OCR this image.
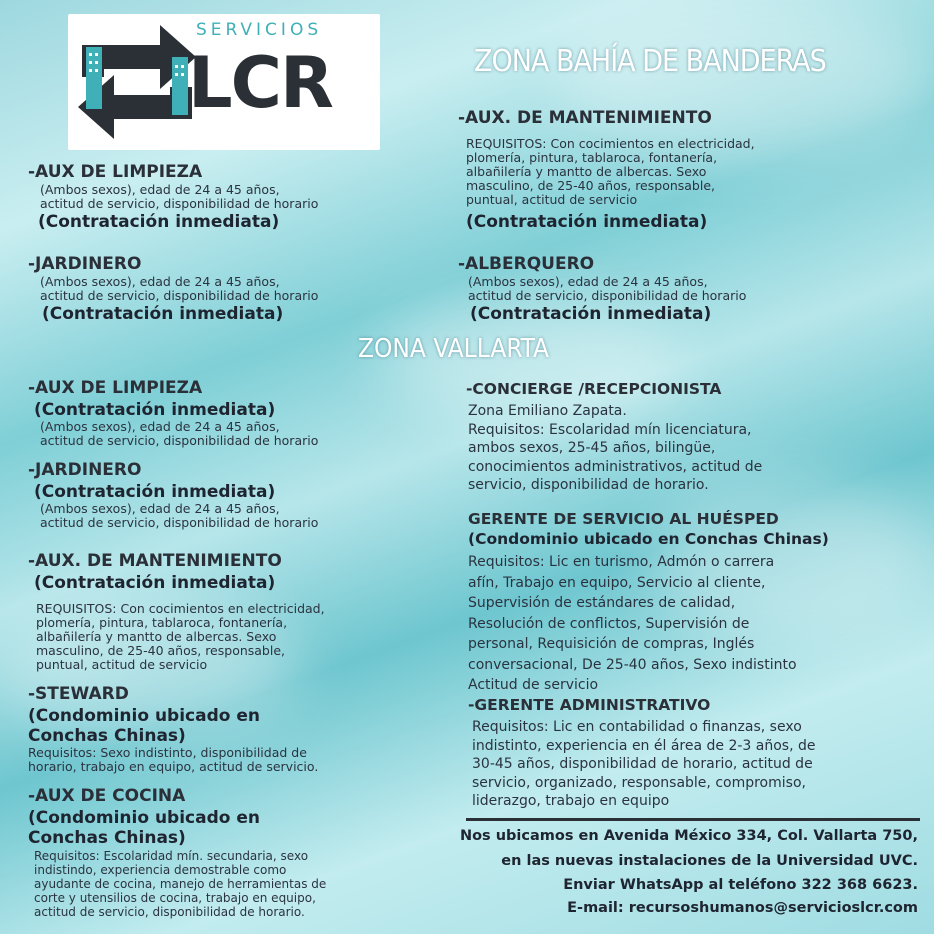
SERVICIOS
LCR	ZONA BAHÍA DE BANDERAS
-AUX DE LIMPIEZA
(Ambos sexos), edad de 24 a 45 años,
actitud de servicio, disponibilidad de horario
(Contratación inmediata)
-JARDINERO
(Ambos sexos), edad de 24 a 45 años,
actitud de servicio, disponibilidad de horario
(Contratación inmediata)
-AUX. DE MANTENIMIENTO
REQUISITOS: Con cocimientos en electricidad,
plomería, pintura, tablaroca, fontanería,
albañilería y mantto de albercas. Sexo
masculino, de 25-40 años, responsable,
puntual, actitud de servicio
(Contratación inmediata)
-ALBERQUERO
(Ambos sexos), edad de 24 a 45 años,
actitud de servicio, disponibilidad de horario
(Contratación inmediata)
ZONA VALLARTA
-AUX DE LIMPIEZA
(Contratación inmediata)
(Ambos sexos), edad de 24 a 45 años,
actitud de servicio, disponibilidad de horario
-JARDINERO
(Contratación inmediata)
(Ambos sexos), edad de 24 a 45 años,
actitud de servicio, disponibilidad de horario
-AUX. DE MANTENIMIENTO
(Contratación inmediata)
REQUISITOS: Con cocimientos en electricidad,
plomería, pintura, tablaroca, fontanería,
albañilería y mantto de albercas. Sexo
masculino, de 25-40 años, responsable,
puntual, actitud de servicio
-STEWARD
(Condominio ubicado en
Conchas Chinas)
Requisitos: Sexo indistinto, disponibilidad de
horario, trabajo en equipo, actitud de servicio.
-AUX DE COCINA
(Condominio ubicado en
Conchas Chinas)
Requisitos: Escolaridad mín. secundaria, sexo
indistindo, experiencia demostrable como
ayudante de cocina, manejo de herramientas de
corte y utensilios de cocina, trabajo en equipo,
actitud de servicio, disponibilidad de horario.
-CONCIERGE /RECEPCIONISTA
Zona Emiliano Zapata.
Requisitos: Escolaridad mín licenciatura,
ambos sexos, 25-45 años, bilingüe,
conocimientos administrativos, actitud de
servicio, disponibilidad de horario.
GERENTE DE SERVICIO AL HUÉSPED
(Condominio ubicado en Conchas Chinas)
Requisitos: Lic en turismo, Admón o carrera
afín, Trabajo en equipo, Servicio al cliente,
Supervisión de estándares de calidad,
Resolución de conflictos, Supervisión de
personal, Requisición de compras, Inglés
conversacional, De 25-40 años, Sexo indistinto
Actitud de servicio
-GERENTE ADMINISTRATIVO
Requisitos: Lic en contabilidad o finanzas, sexo
indistinto, experiencia en él área de 2-3 años, de
30-45 años, disponibilidad de horario, actitud de
servicio, organizado, responsable, compromiso,
liderazgo, trabajo en equipo
Nos ubicamos en Avenida México 334, Col. Vallarta 750,
en las nuevas instalaciones de la Universidad UVC.
Enviar WhatsApp al teléfono 322 368 6623.
E-mail: recursoshumanos@servicioslcr.com
